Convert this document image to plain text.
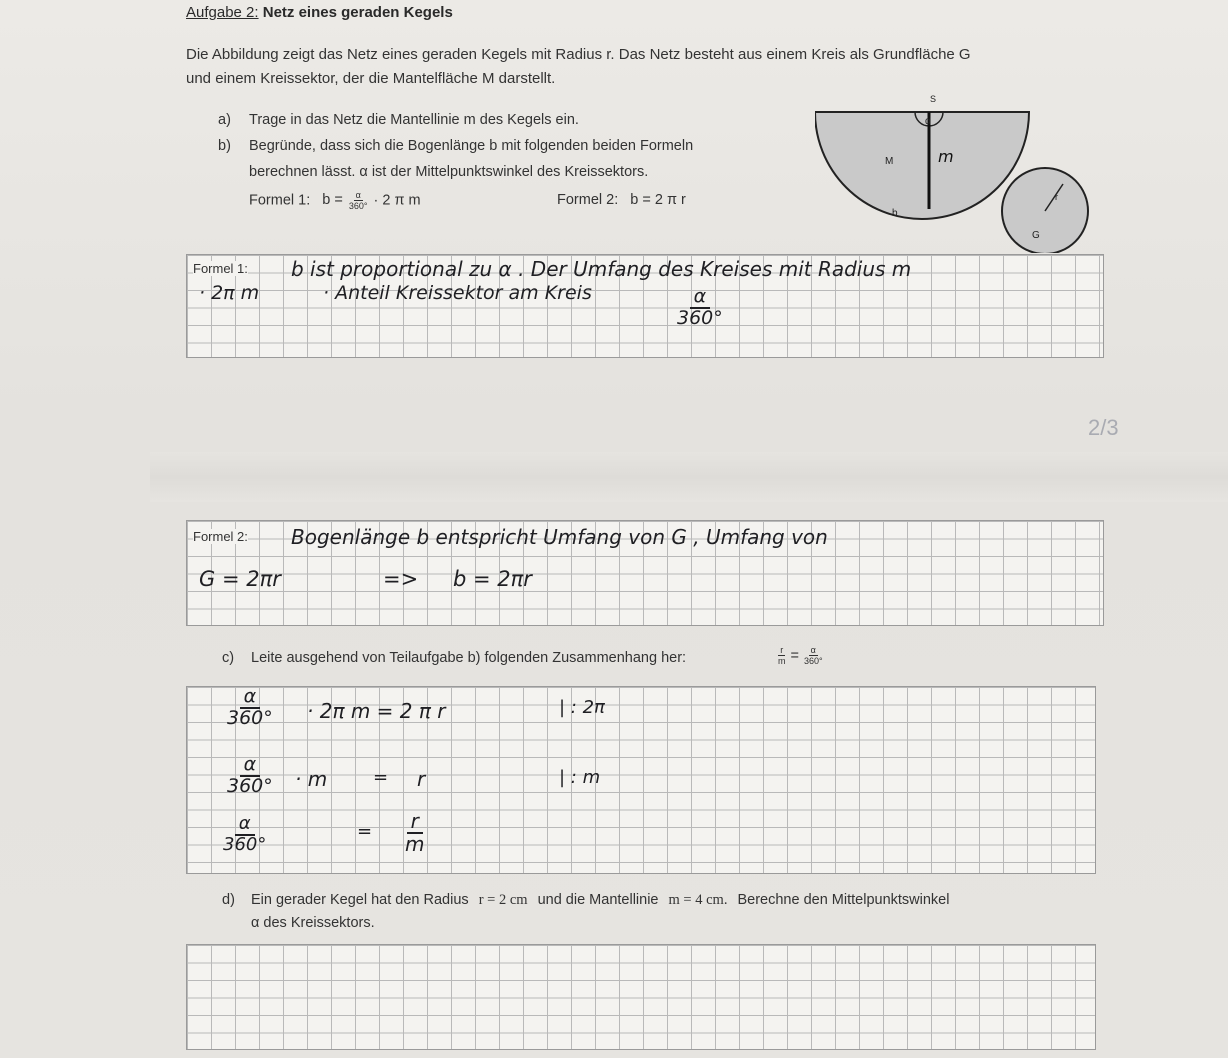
Aufgabe 2: Netz eines geraden Kegels
Die Abbildung zeigt das Netz eines geraden Kegels mit Radius r. Das Netz besteht aus einem Kreis als Grundfläche G
und einem Kreissektor, der die Mantelfläche M darstellt.
a) Trage in das Netz die Mantellinie m des Kegels ein.
b) Begründe, dass sich die Bogenlänge b mit folgenden beiden Formeln
berechnen lässt. α ist der Mittelpunktswinkel des Kreissektors.
Formel 1: $b = \frac{\alpha}{360^\circ} \cdot 2$ π m	Formel 2: b = 2 π r
S
α
M	m
b
r
G
Formel 1: b ist proportional zu α . Der Umfang des Kreises mit Radius m
· 2π m	· Anteil Kreissektor am Kreis	α
360°
2/3
Formel 2: Bogenlänge b entspricht Umfang von G , Umfang von
G = 2πr	=> b = 2πr
c) Leite ausgehend von Teilaufgabe b) folgenden Zusammenhang her:	$\frac{r}{m} = \frac{\alpha}{360^\circ}$
α
360° · 2π m = 2 π r	| : 2π
α
360° · m	= r	| : m
α
360°
= r
m
d) Ein gerader Kegel hat den Radius r = 2 cm und die Mantellinie m = 4 cm. Berechne den Mittelpunktswinkel
α des Kreissektors.
